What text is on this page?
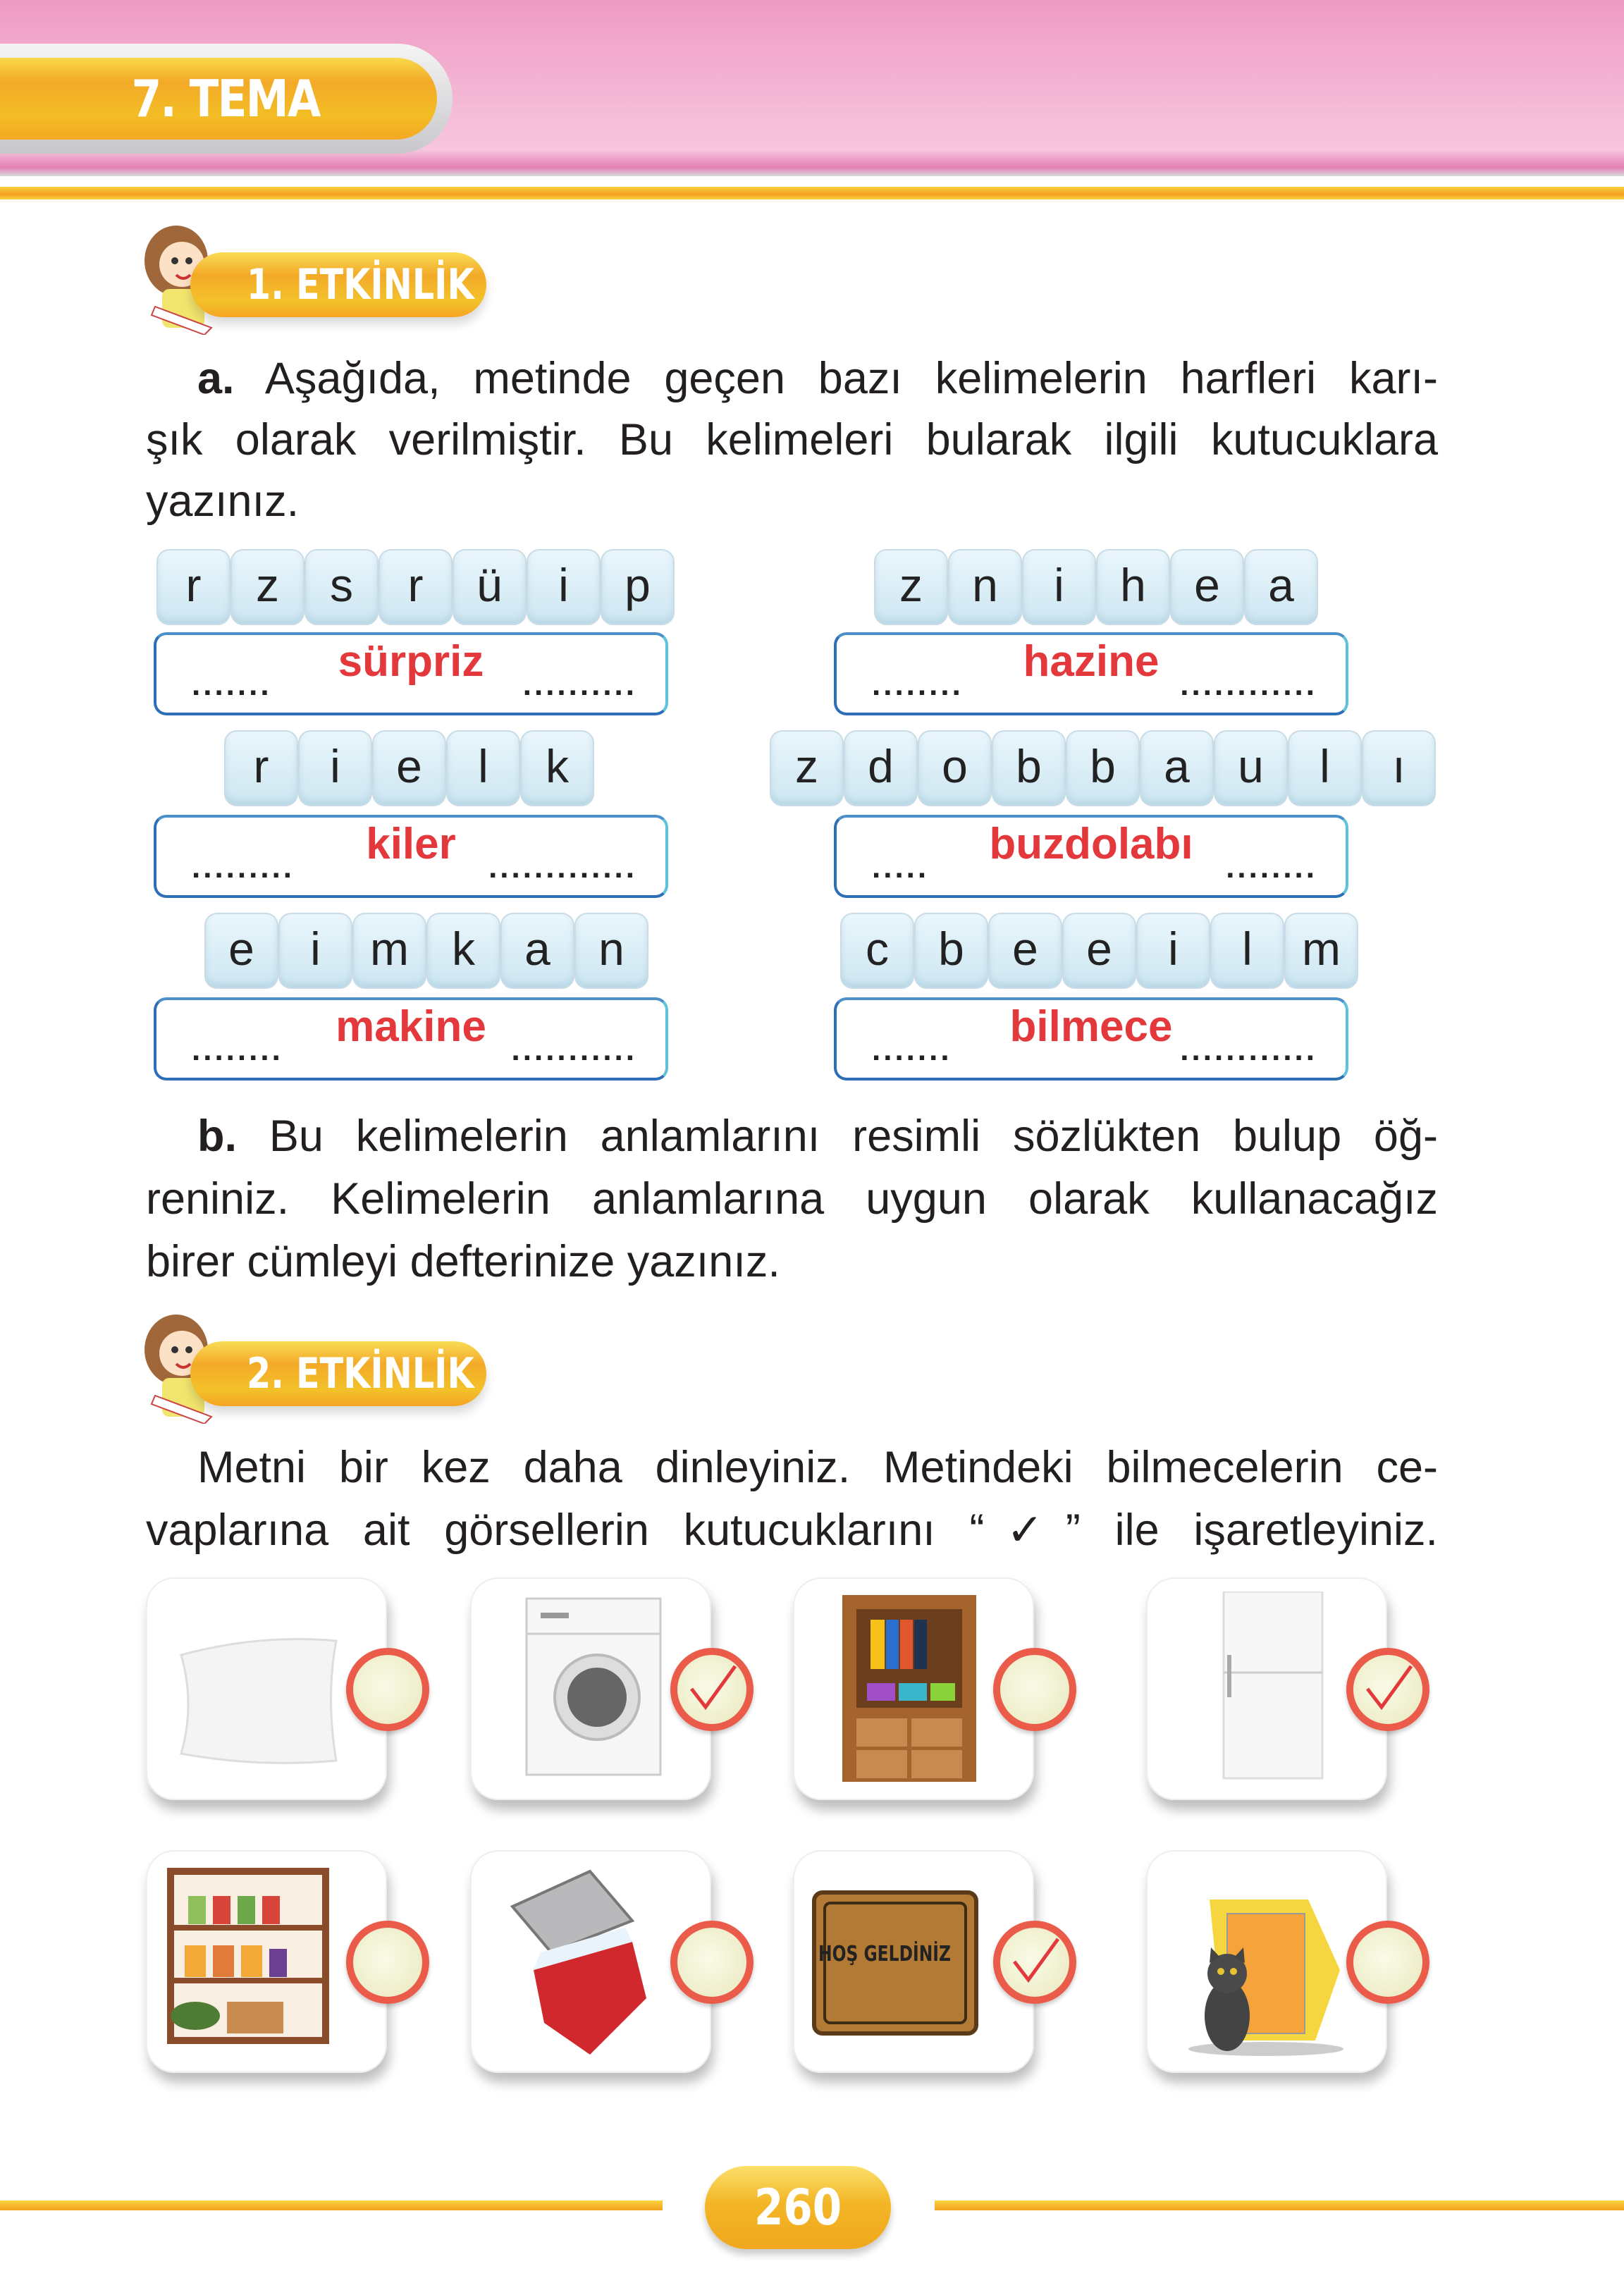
7. TEMA
1. ETKİNLİK
a. Aşağıda, metinde geçen bazı kelimelerin harfleri karı-
şık olarak verilmiştir. Bu kelimeleri bularak ilgili kutucuklara
yazınız.
r	z	s	r	ü	i	p
.......	..........
sürpriz
z	n	i	h	e	a
........	............
hazine
r	i	e	l	k
.........	.............
kiler
z	d	o	b	b	a	u	l	ı
.....	........
buzdolabı
e	i	m k	a	n
........	...........
makine
c	b	e	e	i	l	m
.......	............
bilmece
b. Bu kelimelerin anlamlarını resimli sözlükten bulup öğ-
reniniz. Kelimelerin anlamlarına uygun olarak kullanacağız
birer cümleyi defterinize yazınız.
2. ETKİNLİK
Metni bir kez daha dinleyiniz. Metindeki bilmecelerin ce-
vaplarına ait görsellerin kutucuklarını “✓” ile işaretleyiniz.
HOŞ GELDİNİZ
260
